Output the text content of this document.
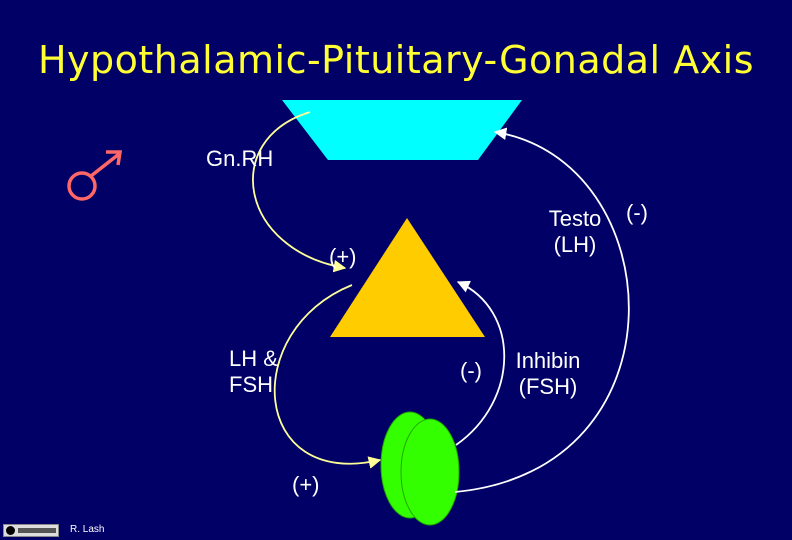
Hypothalamic-Pituitary-Gonadal Axis
Gn.RH
(+)
Testo
(LH)
(-)
LH &
FSH
(-)	Inhibin
(FSH)
(+)
R. Lash
